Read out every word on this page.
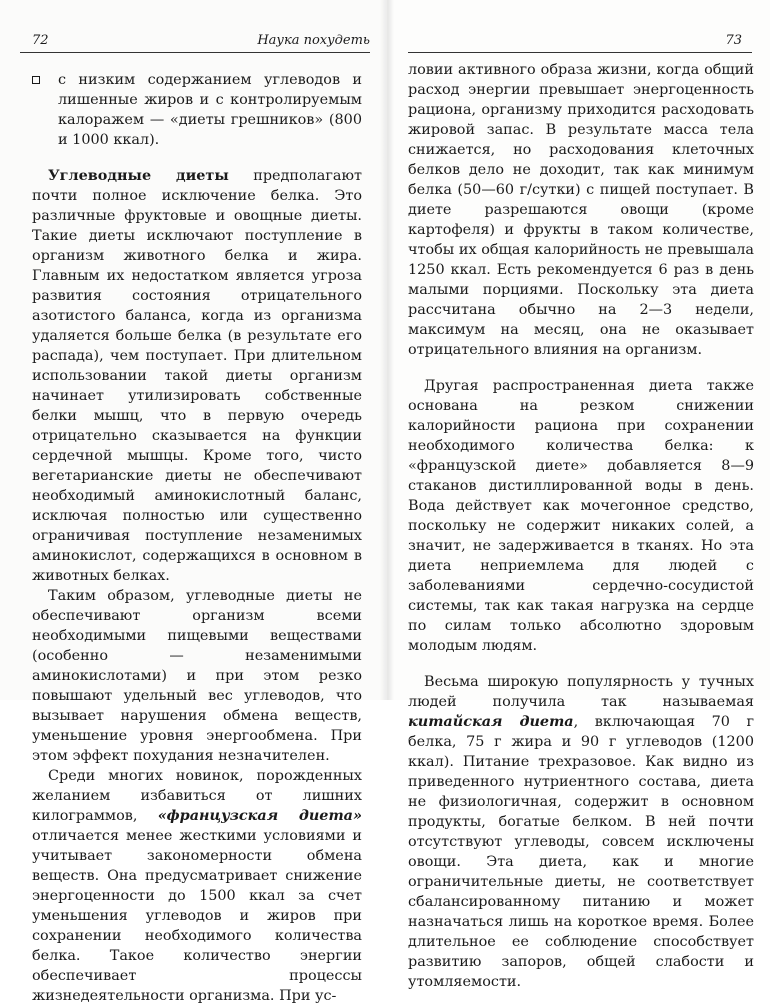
72	Наука похудеть

с низким содержанием углеводов и лишенные жиров и с контролируемым калоражем — «диеты грешников» (800 и 1000 ккал).

Углеводные диеты предполагают почти полное исключение белка. Это различные фруктовые и овощные диеты. Такие диеты исключают поступление в организм животного белка и жира. Главным их недостатком является угроза развития состояния отрицательного азотистого баланса, когда из организма удаляется больше белка (в результате его распада), чем поступает. При длительном использовании такой диеты организм начинает утилизировать собственные белки мышц, что в первую очередь отрицательно сказывается на функции сердечной мышцы. Кроме того, чисто вегетарианские диеты не обеспечивают необходимый аминокислотный баланс, исключая полностью или существенно ограничивая поступление незаменимых аминокислот, содержащихся в основном в животных белках.

Таким образом, углеводные диеты не обеспечивают организм всеми необходимыми пищевыми веществами (особенно — незаменимыми аминокислотами) и при этом резко повышают удельный вес углеводов, что вызывает нарушения обмена веществ, уменьшение уровня энергообмена. При этом эффект похудания незначителен.

Среди многих новинок, порожденных желанием избавиться от лишних килограммов, «французская диета» отличается менее жесткими условиями и учитывает закономерности обмена веществ. Она предусматривает снижение энергоценности до 1500 ккал за счет уменьшения углеводов и жиров при сохранении необходимого количества белка. Такое количество энергии обеспечивает процессы жизнедеятельности организма. При ус-

73

ловии активного образа жизни, когда общий расход энергии превышает энергоценность рациона, организму приходится расходовать жировой запас. В результате масса тела снижается, но расходования клеточных белков дело не доходит, так как минимум белка (50—60 г/сутки) с пищей поступает. В диете разрешаются овощи (кроме картофеля) и фрукты в таком количестве, чтобы их общая калорийность не превышала 1250 ккал. Есть рекомендуется 6 раз в день малыми порциями. Поскольку эта диета рассчитана обычно на 2—3 недели, максимум на месяц, она не оказывает отрицательного влияния на организм.

Другая распространенная диета также основана на резком снижении калорийности рациона при сохранении необходимого количества белка: к «французской диете» добавляется 8—9 стаканов дистиллированной воды в день. Вода действует как мочегонное средство, поскольку не содержит никаких солей, а значит, не задерживается в тканях. Но эта диета неприемлема для людей с заболеваниями сердечно-сосудистой системы, так как такая нагрузка на сердце по силам только абсолютно здоровым молодым людям.

Весьма широкую популярность у тучных людей получила так называемая китайская диета, включающая 70 г белка, 75 г жира и 90 г углеводов (1200 ккал). Питание трехразовое. Как видно из приведенного нутриентного состава, диета не физиологичная, содержит в основном продукты, богатые белком. В ней почти отсутствуют углеводы, совсем исключены овощи. Эта диета, как и многие ограничительные диеты, не соответствует сбалансированному питанию и может назначаться лишь на короткое время. Более длительное ее соблюдение способствует развитию запоров, общей слабости и утомляемости.
